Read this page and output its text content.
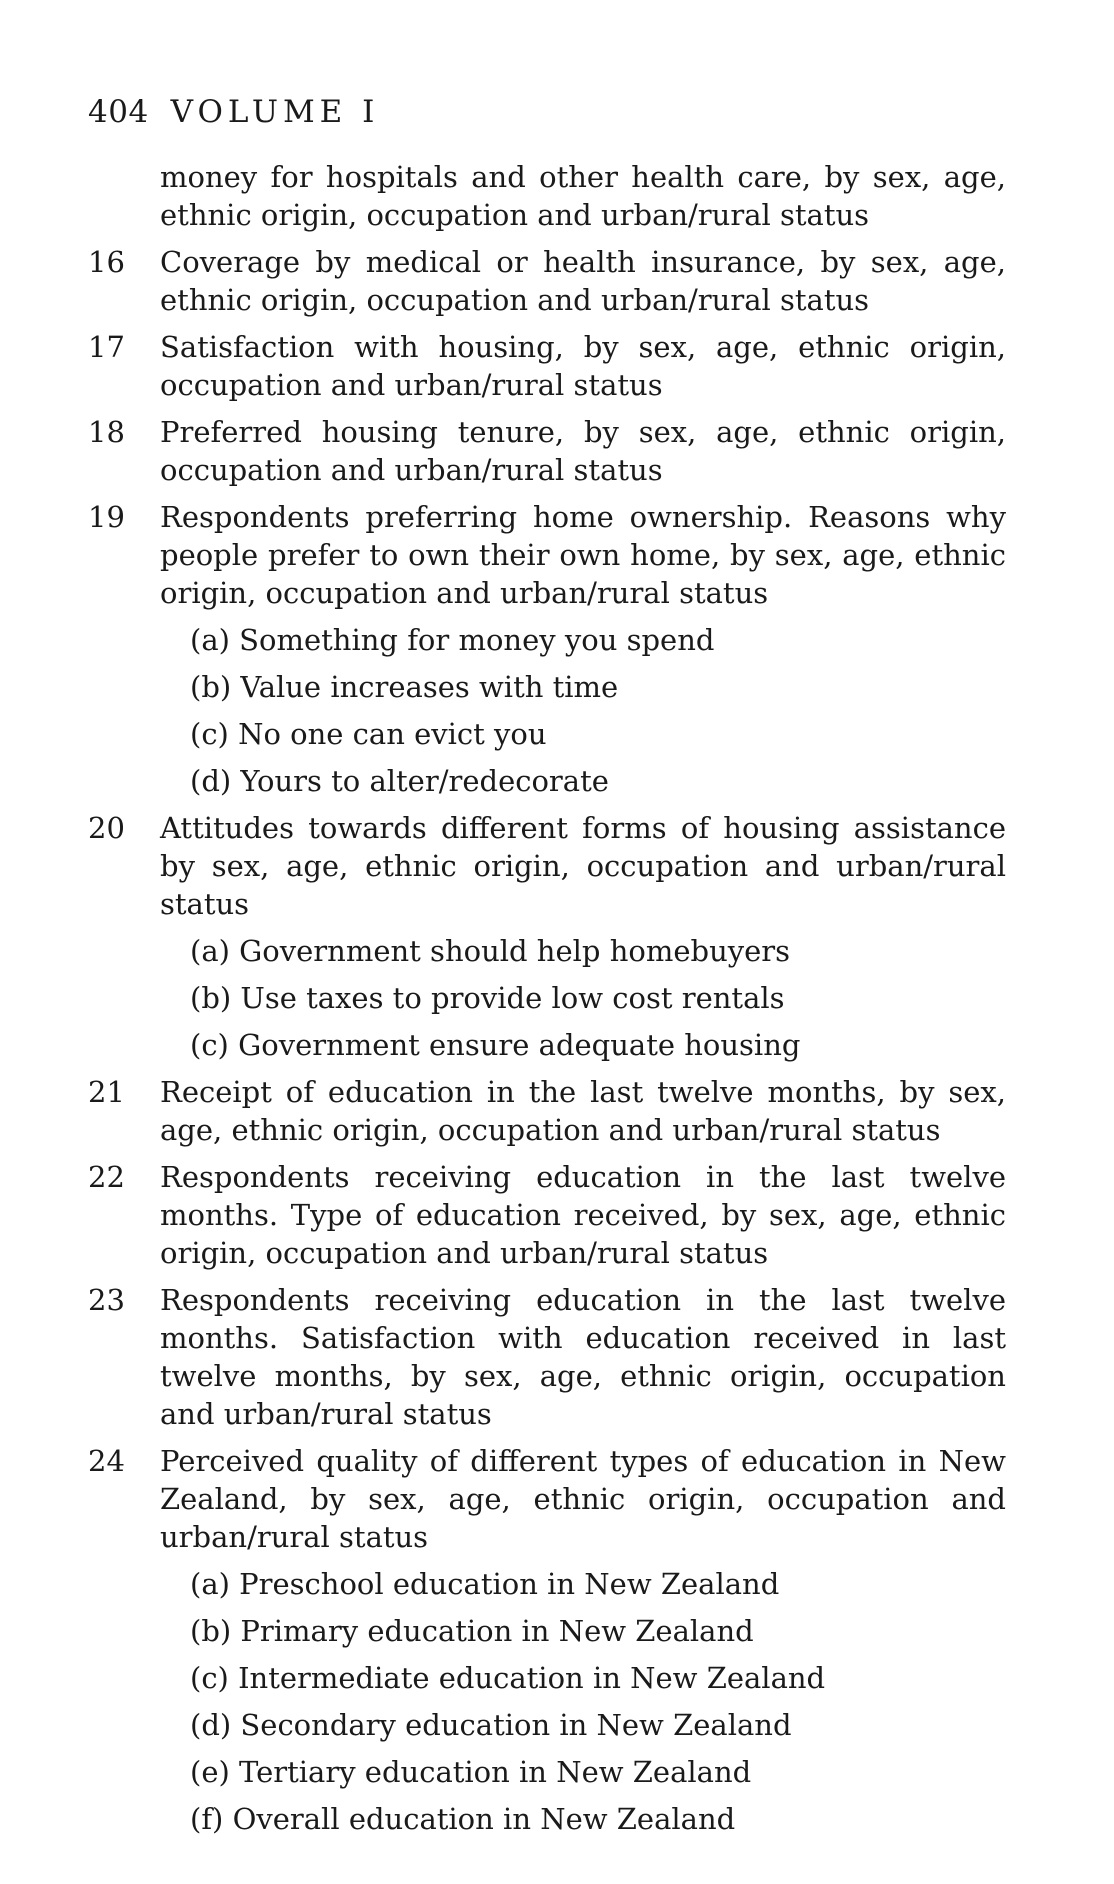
404 VOLUME I

money for hospitals and other health care, by sex, age, ethnic origin, occupation and urban/rural status

16	Coverage by medical or health insurance, by sex, age, ethnic origin, occupation and urban/rural status
17	Satisfaction with housing, by sex, age, ethnic origin, occupation and urban/rural status
18	Preferred housing tenure, by sex, age, ethnic origin, occupation and urban/rural status
19	Respondents preferring home ownership. Reasons why people prefer to own their own home, by sex, age, ethnic origin, occupation and urban/rural status
(a) Something for money you spend
(b) Value increases with time
(c) No one can evict you
(d) Yours to alter/redecorate
20	Attitudes towards different forms of housing assistance by sex, age, ethnic origin, occupation and urban/rural status
(a) Government should help homebuyers
(b) Use taxes to provide low cost rentals
(c) Government ensure adequate housing
21	Receipt of education in the last twelve months, by sex, age, ethnic origin, occupation and urban/rural status
22	Respondents receiving education in the last twelve months. Type of education received, by sex, age, ethnic origin, occupation and urban/rural status
23	Respondents receiving education in the last twelve months. Satisfaction with education received in last twelve months, by sex, age, ethnic origin, occupation and urban/rural status
24	Perceived quality of different types of education in New Zealand, by sex, age, ethnic origin, occupation and urban/rural status
(a) Preschool education in New Zealand
(b) Primary education in New Zealand
(c) Intermediate education in New Zealand
(d) Secondary education in New Zealand
(e) Tertiary education in New Zealand
(f) Overall education in New Zealand
